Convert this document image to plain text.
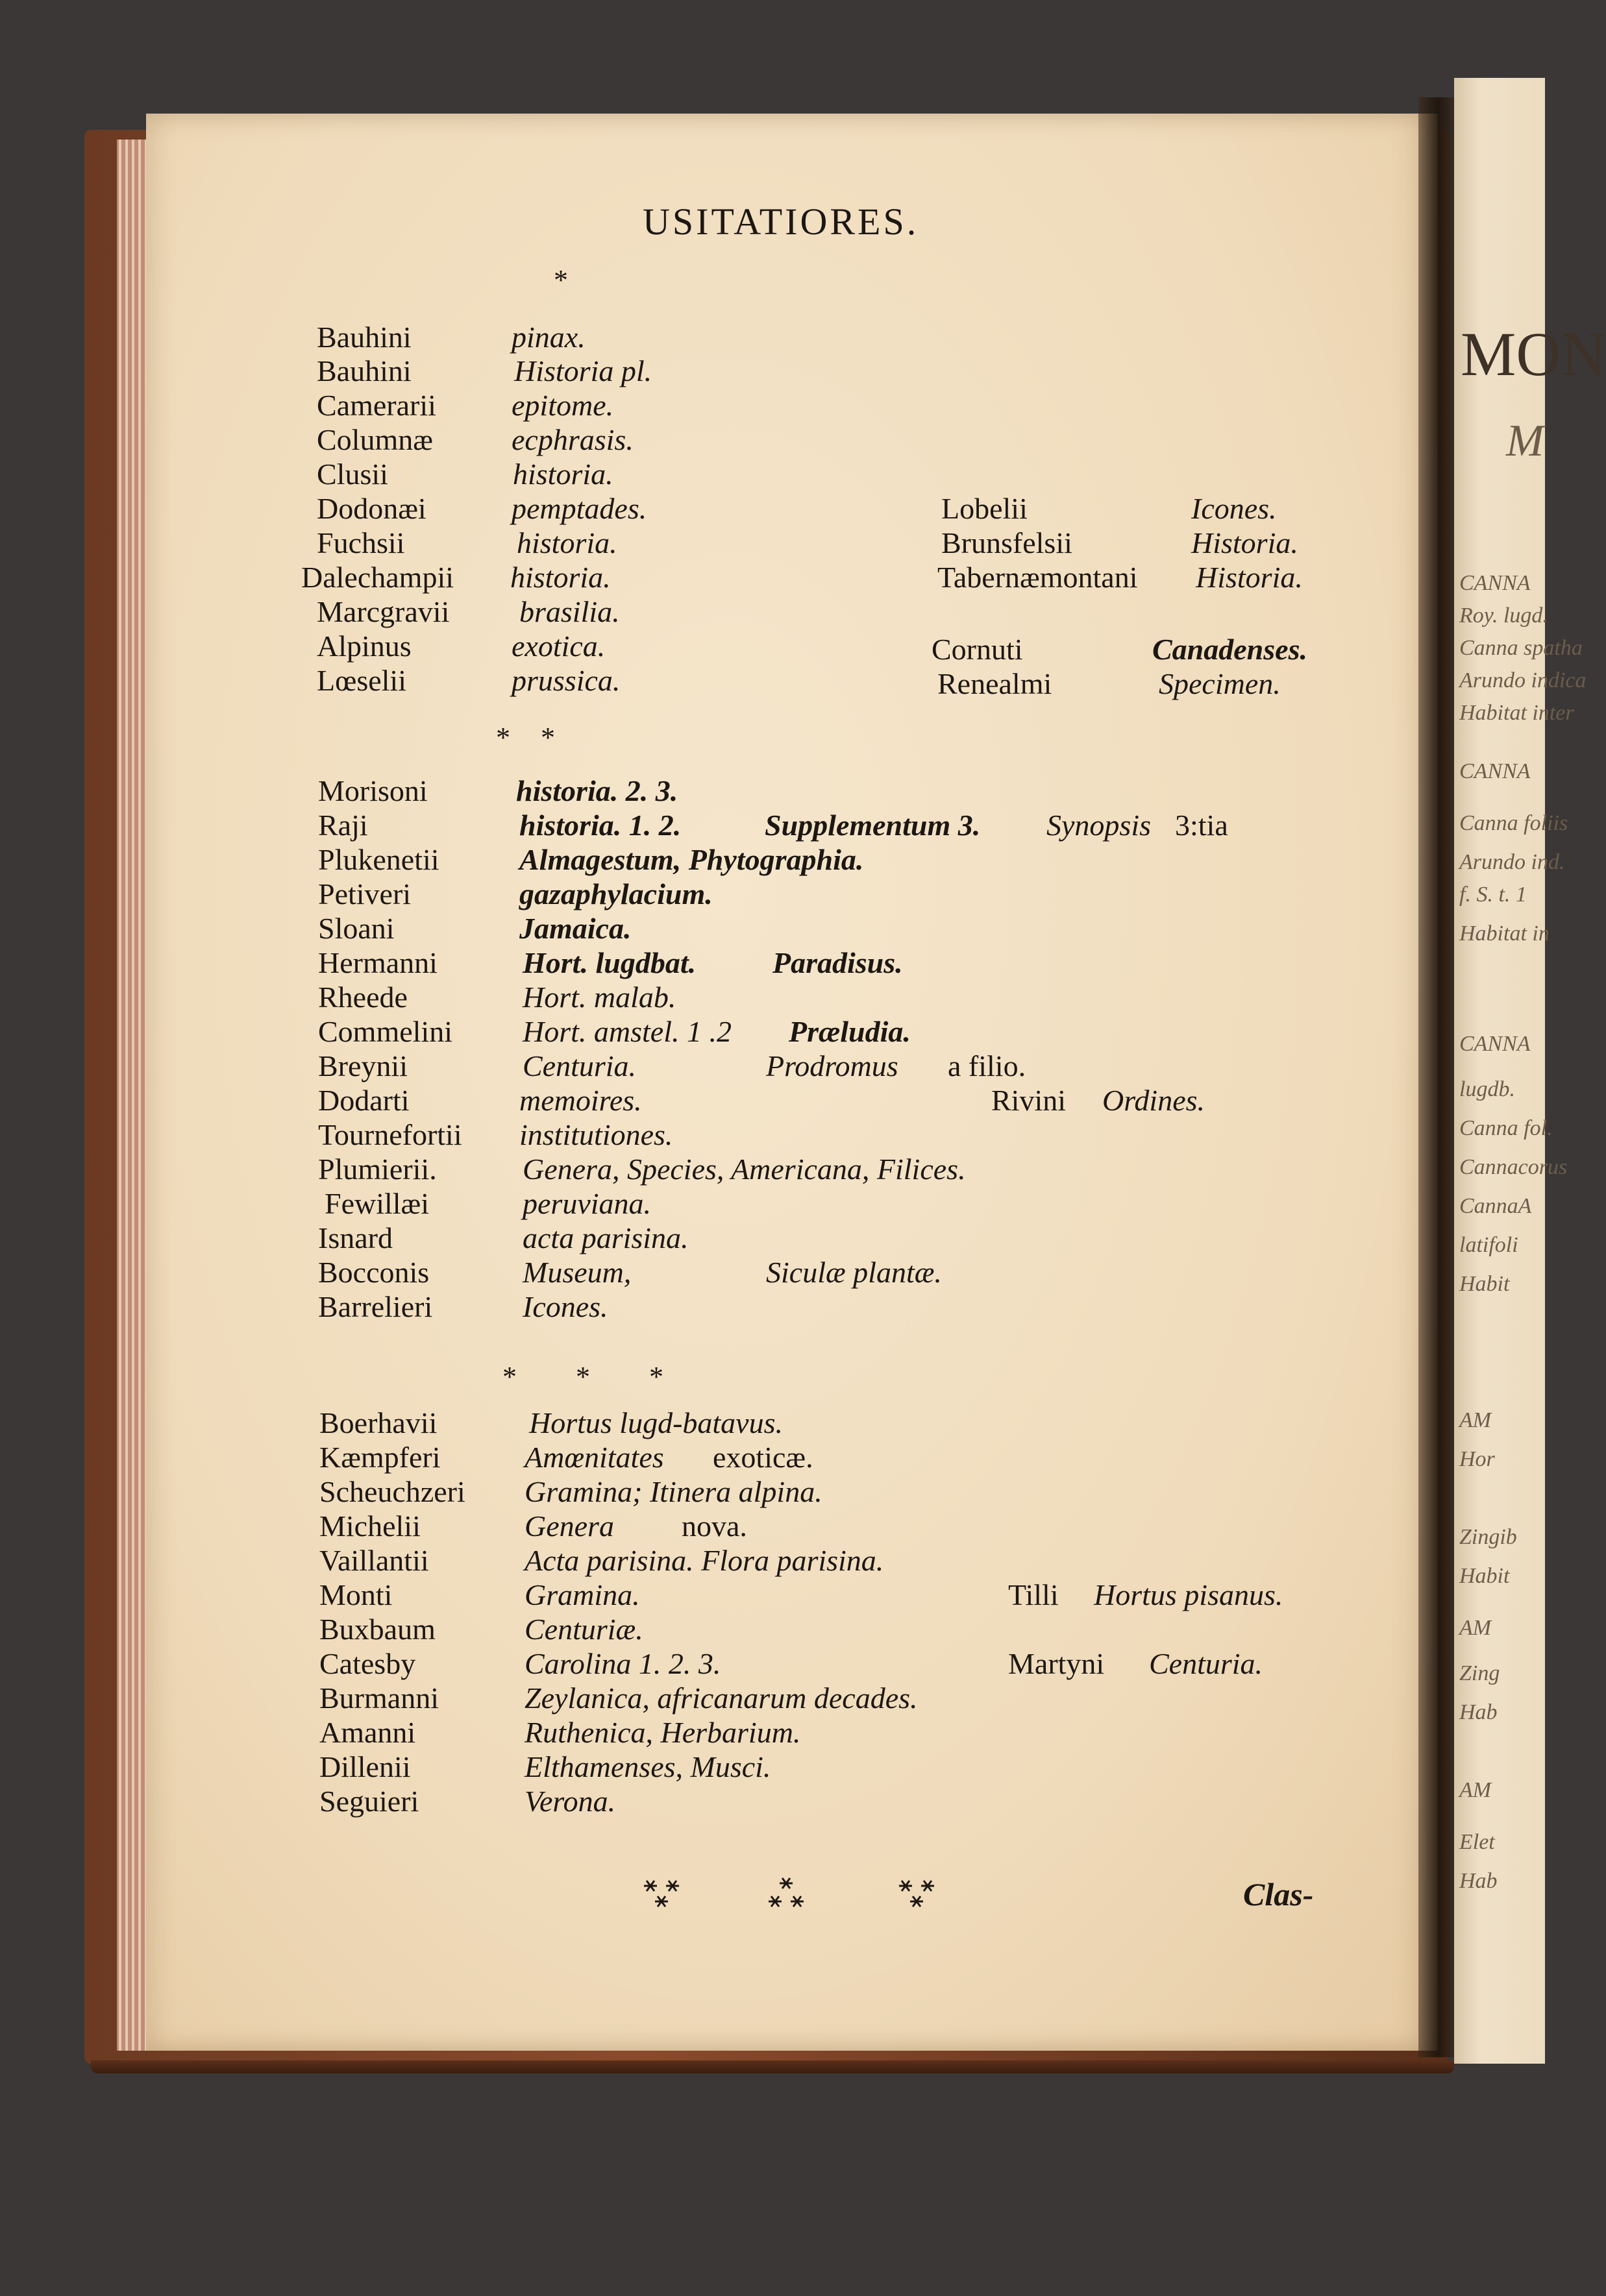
MON
M
CANNA
Roy. lugd.
Canna spatha
Arundo indica
Habitat inter
CANNA
Canna foliis
Arundo ind.
f. S. t. 1
Habitat in
CANNA
lugdb.
Canna fol.
Cannacorus
CannaA
latifoli
Habit
AM
Hor
Zingib
Habit
AM
Zing
Hab
AM
Elet
Hab
USITATIORES.
*
Bauhini	pinax.
Bauhini	Historia pl.
Camerarii	epitome.
Columnæ	ecphrasis.
Clusii	historia.
Dodonæi	pemptades.
Fuchsii	historia.
Dalechampii historia.
Marcgravii brasilia.
Alpinus	exotica.
Lœselii	prussica.
Lobelii	Icones.
Brunsfelsii	Historia.
Tabernæmontani Historia.
Cornuti	Canadenses.
Renealmi	Specimen.
* *
Morisoni	historia. 2. 3.
Raji	historia. 1. 2.	Supplementum 3. Synopsis 3:tia
Plukenetii	Almagestum, Phytographia.
Petiveri	gazaphylacium.
Sloani	Jamaica.
Hermanni	Hort. lugdbat.	Paradisus.
Rheede	Hort. malab.
Commelini Hort. amstel. 1 .2 Præludia.
Breynii	Centuria.	Prodromus a filio.
Dodarti	memoires.	Rivini Ordines.
Tournefortii institutiones.
Plumierii.	Genera, Species, Americana, Filices.
Fewillæi	peruviana.
Isnard	acta parisina.
Bocconis	Museum,	Siculæ plantæ.
Barrelieri	Icones.
* * *
Boerhavii	Hortus lugd-batavus.
Kæmpferi	Amœnitates exoticæ.
Scheuchzeri Gramina; Itinera alpina.
Michelii	Genera nova.
Vaillantii	Acta parisina. Flora parisina.
Monti	Gramina.	Tilli Hortus pisanus.
Buxbaum	Centuriæ.
Catesby	Carolina 1. 2. 3.	Martyni Centuria.
Burmanni	Zeylanica, africanarum decades.
Amanni	Ruthenica, Herbarium.
Dillenii	Elthamenses, Musci.
Seguieri	Verona.
Clas-
